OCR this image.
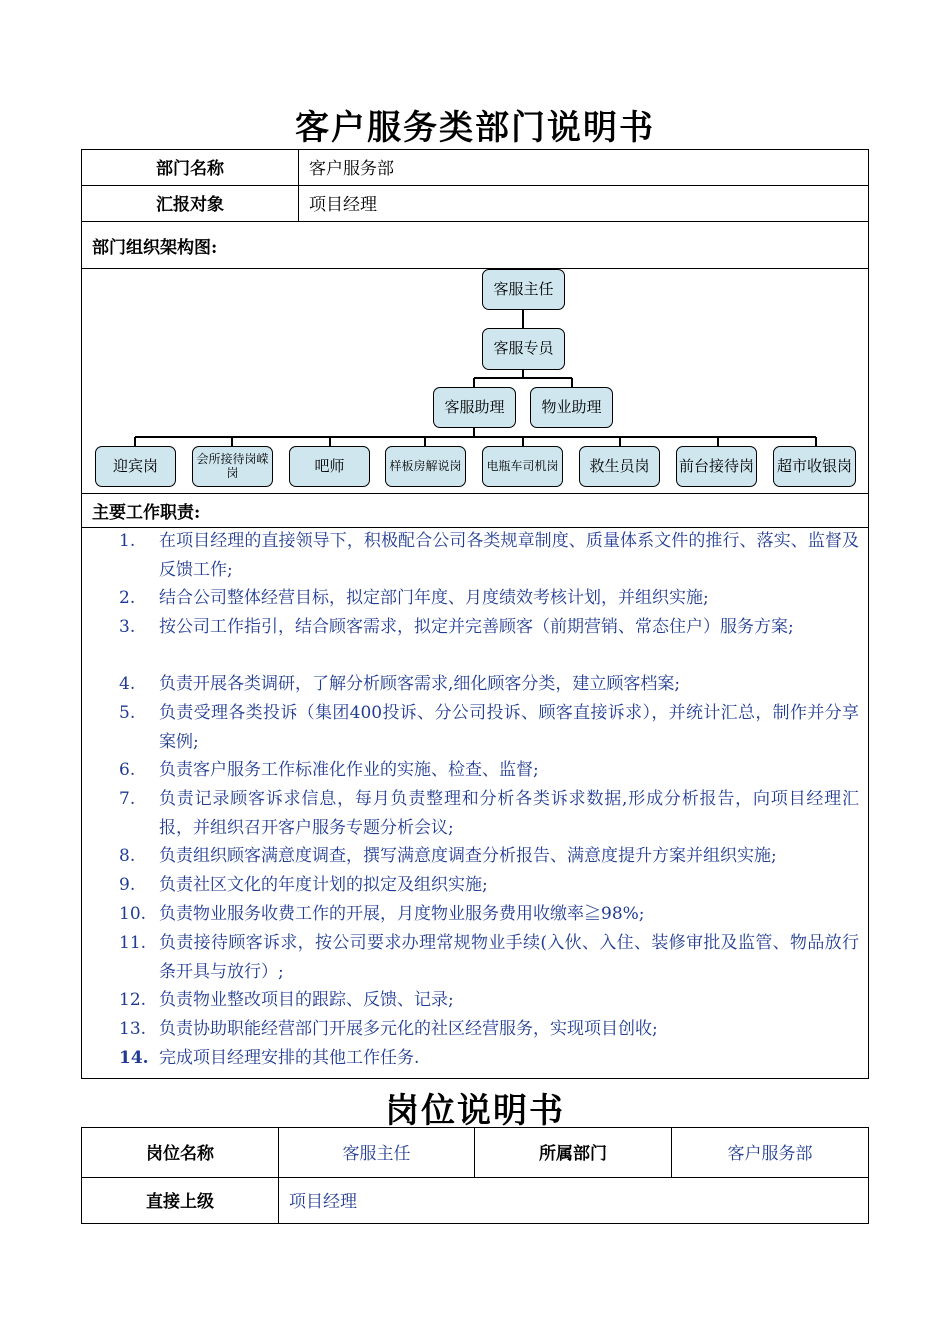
客户服务类部门说明书
部门名称	客户服务部
汇报对象	项目经理
部门组织架构图:
客服主任
客服专员
客服助理	物业助理
迎宾岗	会所接待岗嵘岗	吧师	样板房解说岗	电瓶车司机岗	救生员岗	前台接待岗 超市收银岗
主要工作职责:
1.	在项目经理的直接领导下，积极配合公司各类规章制度、质量体系文件的推行、落实、监督及反馈工作;
2.	结合公司整体经营目标，拟定部门年度、月度绩效考核计划，并组织实施;
3.	按公司工作指引，结合顾客需求，拟定并完善顾客（前期营销、常态住户）服务方案;
4.	负责开展各类调研，了解分析顾客需求,细化顾客分类，建立顾客档案;
5.	负责受理各类投诉（集团400投诉、分公司投诉、顾客直接诉求），并统计汇总，制作并分享案例;
6.	负责客户服务工作标准化作业的实施、检查、监督;
7.	负责记录顾客诉求信息，每月负责整理和分析各类诉求数据,形成分析报告，向项目经理汇报，并组织召开客户服务专题分析会议;
8.	负责组织顾客满意度调查，撰写满意度调查分析报告、满意度提升方案并组织实施;
9.	负责社区文化的年度计划的拟定及组织实施;
10. 负责物业服务收费工作的开展，月度物业服务费用收缴率≧98%;
11. 负责接待顾客诉求，按公司要求办理常规物业手续(入伙、入住、装修审批及监管、物品放行条开具与放行）;
12. 负责物业整改项目的跟踪、反馈、记录;
13. 负责协助职能经营部门开展多元化的社区经营服务，实现项目创收;
14. 完成项目经理安排的其他工作任务.
岗位说明书
岗位名称	客服主任	所属部门	客户服务部
直接上级	项目经理
